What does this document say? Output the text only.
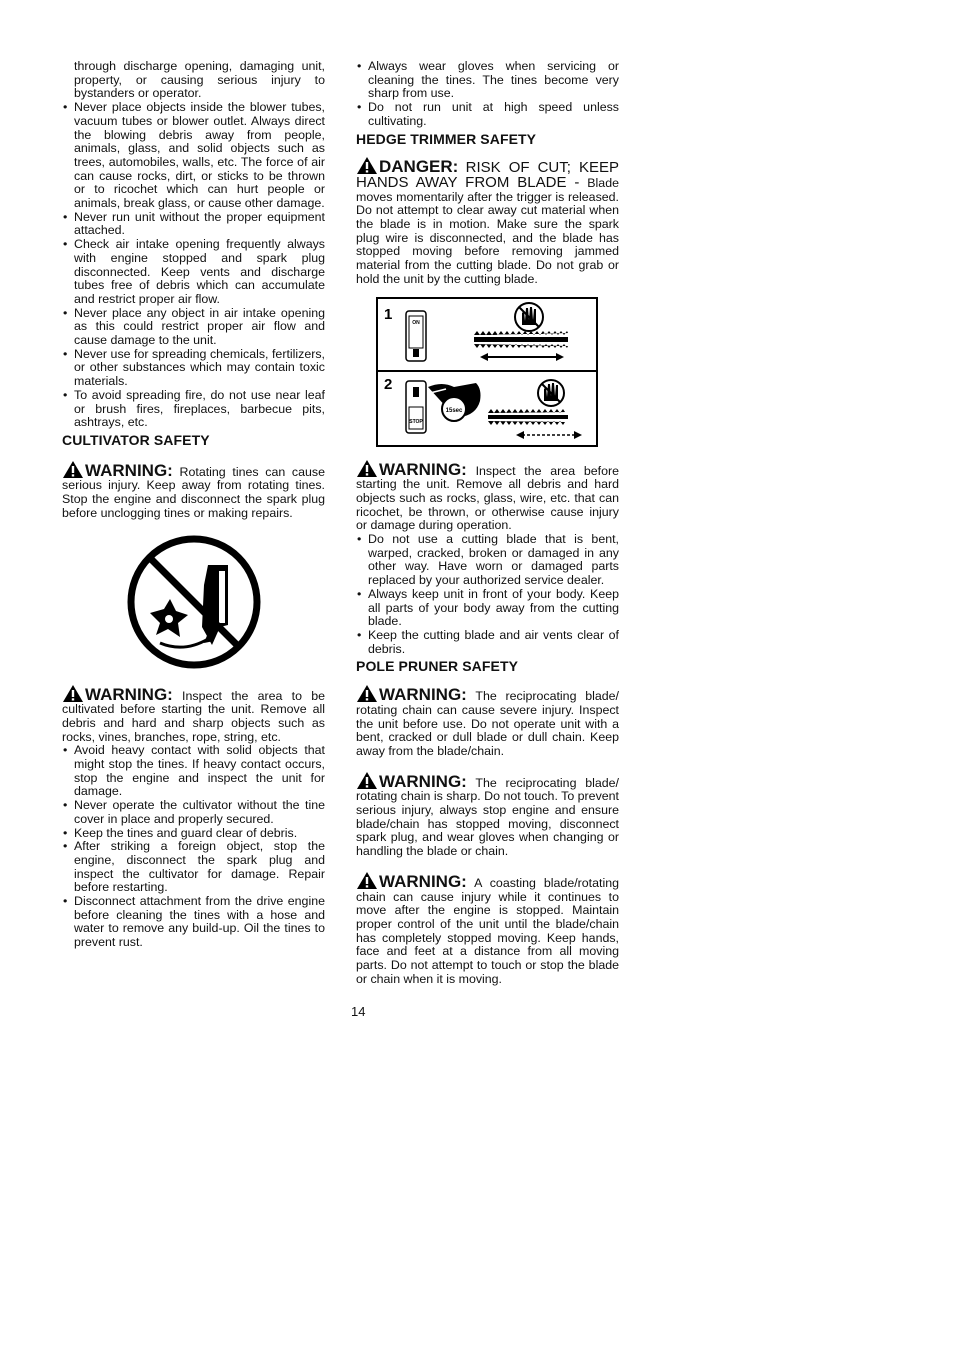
through discharge opening, damaging unit, property, or causing serious injury to bystanders or operator.

• Never place objects inside the blower tubes, vacuum tubes or blower outlet. Always direct the blowing debris away from people, animals, glass, and solid objects such as trees, automobiles, walls, etc. The force of air can cause rocks, dirt, or sticks to be thrown or to ricochet which can hurt people or animals, break glass, or cause other damage.
• Never run unit without the proper equipment attached.
• Check air intake opening frequently always with engine stopped and spark plug disconnected. Keep vents and discharge tubes free of debris which can accumulate and restrict proper air flow.
• Never place any object in air intake opening as this could restrict proper air flow and cause damage to the unit.
• Never use for spreading chemicals, fertilizers, or other substances which may contain toxic materials.
• To avoid spreading fire, do not use near leaf or brush fires, fireplaces, barbecue pits, ashtrays, etc.
CULTIVATOR SAFETY

WARNING: Rotating tines can cause serious injury. Keep away from rotating tines. Stop the engine and disconnect the spark plug before unclogging tines or making repairs.

WARNING: Inspect the area to be cultivated before starting the unit. Remove all debris and hard and sharp objects such as rocks, vines, branches, rope, string, etc.

• Avoid heavy contact with solid objects that might stop the tines. If heavy contact occurs, stop the engine and inspect the unit for damage.
• Never operate the cultivator without the tine cover in place and properly secured.
• Keep the tines and guard clear of debris.
• After striking a foreign object, stop the engine, disconnect the spark plug and inspect the cultivator for damage. Repair before restarting.
• Disconnect attachment from the drive engine before cleaning the tines with a hose and water to remove any build-up. Oil the tines to prevent rust.
• Always wear gloves when servicing or cleaning the tines. The tines become very sharp from use.
• Do not run unit at high speed unless cultivating.
HEDGE TRIMMER SAFETY

DANGER: RISK OF CUT; KEEP HANDS AWAY FROM BLADE - Blade moves momentarily after the trigger is released. Do not attempt to clear away cut material when the blade is in motion. Make sure the spark plug wire is disconnected, and the blade has stopped moving before removing jammed material from the cutting blade. Do not grab or hold the unit by the cutting blade.

1	ON
2
STOP
15sec

WARNING: Inspect the area before starting the unit. Remove all debris and hard objects such as rocks, glass, wire, etc. that can ricochet, be thrown, or otherwise cause injury or damage during operation.

• Do not use a cutting blade that is bent, warped, cracked, broken or damaged in any other way. Have worn or damaged parts replaced by your authorized service dealer.
• Always keep unit in front of your body. Keep all parts of your body away from the cutting blade.
• Keep the cutting blade and air vents clear of debris.
POLE PRUNER SAFETY

WARNING: The reciprocating blade/ rotating chain can cause severe injury. Inspect the unit before use. Do not operate unit with a bent, cracked or dull blade or dull chain. Keep away from the blade/chain.

WARNING: The reciprocating blade/ rotating chain is sharp. Do not touch. To prevent serious injury, always stop engine and ensure blade/chain has stopped moving, disconnect spark plug, and wear gloves when changing or handling the blade or chain.

WARNING: A coasting blade/rotating chain can cause injury while it continues to move after the engine is stopped. Maintain proper control of the unit until the blade/chain has completely stopped moving. Keep hands, face and feet at a distance from all moving parts. Do not attempt to touch or stop the blade or chain when it is moving.

14
